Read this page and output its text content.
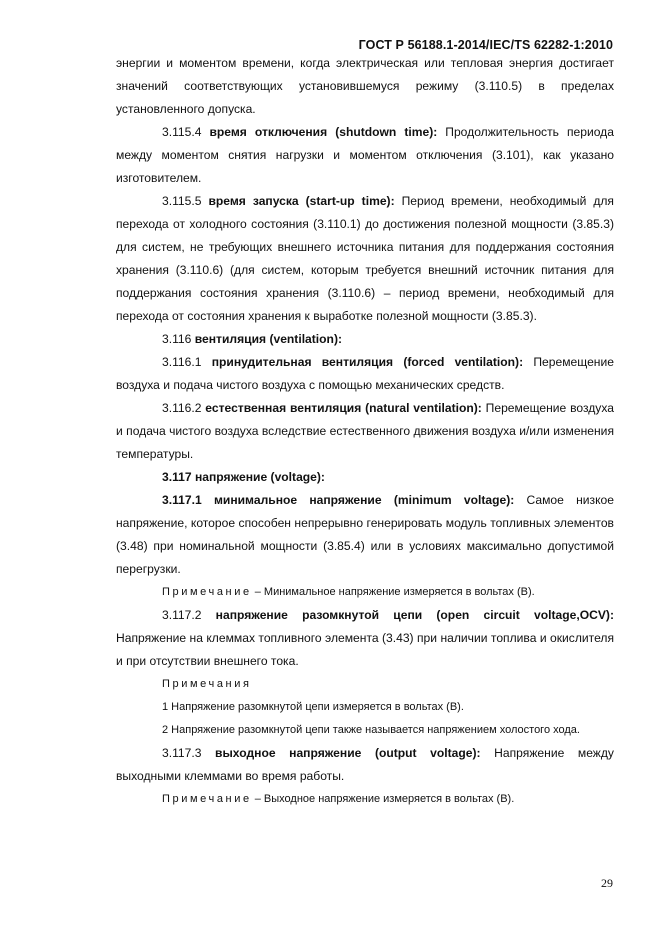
ГОСТ Р 56188.1-2014/IEC/TS 62282-1:2010

энергии и моментом времени, когда электрическая или тепловая энергия достигает значений соответствующих установившемуся режиму (3.110.5) в пределах установленного допуска.

3.115.4 время отключения (shutdown time): Продолжительность периода между моментом снятия нагрузки и моментом отключения (3.101), как указано изготовителем.

3.115.5 время запуска (start-up time): Период времени, необходимый для перехода от холодного состояния (3.110.1) до достижения полезной мощности (3.85.3) для систем, не требующих внешнего источника питания для поддержания состояния хранения (3.110.6) (для систем, которым требуется внешний источник питания для поддержания состояния хранения (3.110.6) – период времени, необходимый для перехода от состояния хранения к выработке полезной мощности (3.85.3).

3.116 вентиляция (ventilation):

3.116.1 принудительная вентиляция (forced ventilation): Перемещение воздуха и подача чистого воздуха с помощью механических средств.

3.116.2 естественная вентиляция (natural ventilation): Перемещение воздуха и подача чистого воздуха вследствие естественного движения воздуха и/или изменения температуры.

3.117 напряжение (voltage):

3.117.1 минимальное напряжение (minimum voltage): Самое низкое напряжение, которое способен непрерывно генерировать модуль топливных элементов (3.48) при номинальной мощности (3.85.4) или в условиях максимально допустимой перегрузки.

Примечание – Минимальное напряжение измеряется в вольтах (В).

3.117.2 напряжение разомкнутой цепи (open circuit voltage,OCV): Напряжение на клеммах топливного элемента (3.43) при наличии топлива и окислителя и при отсутствии внешнего тока.

Примечания

1 Напряжение разомкнутой цепи измеряется в вольтах (В).

2 Напряжение разомкнутой цепи также называется напряжением холостого хода.

3.117.3 выходное напряжение (output voltage): Напряжение между выходными клеммами во время работы.

Примечание – Выходное напряжение измеряется в вольтах (В).

29
